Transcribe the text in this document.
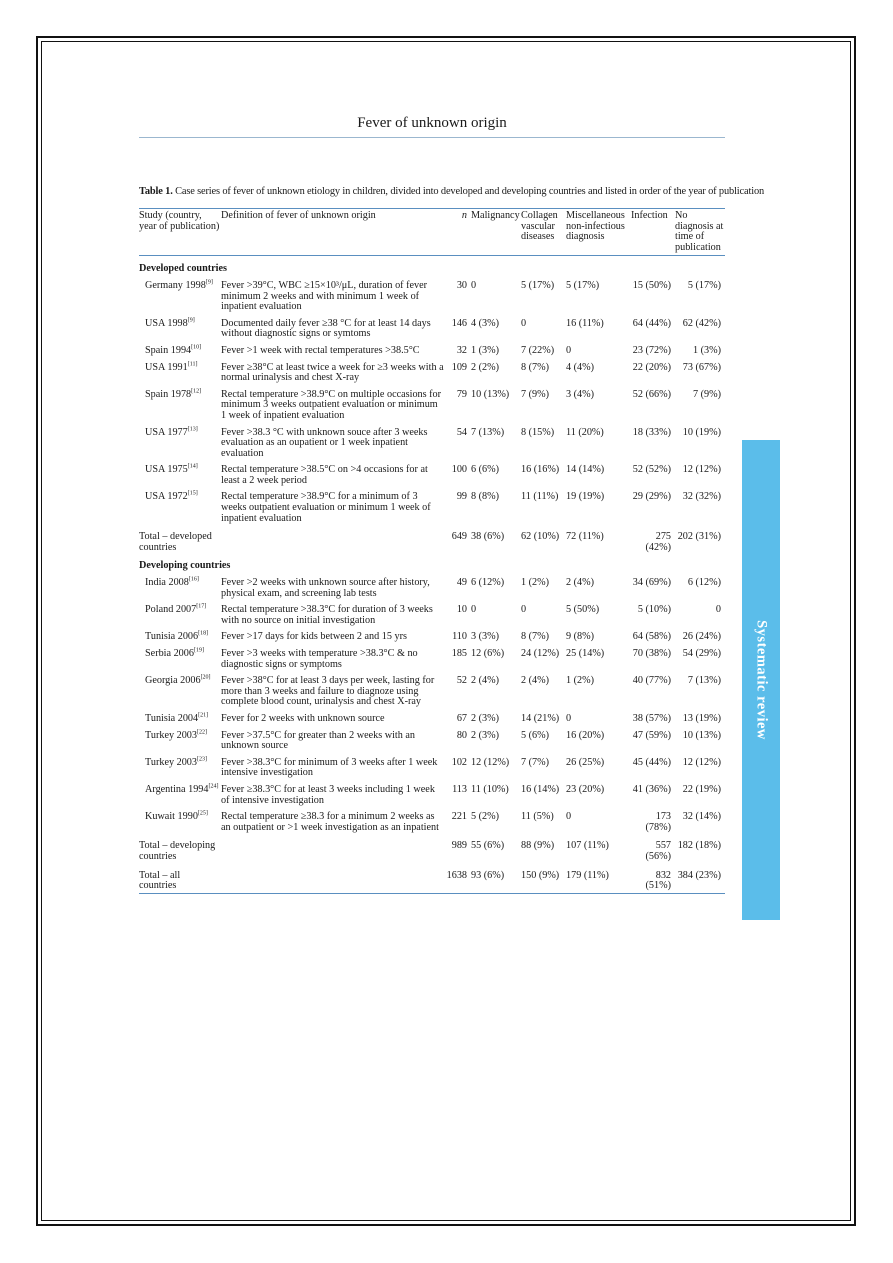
Fever of unknown origin
Table 1. Case series of fever of unknown etiology in children, divided into developed and developing countries and listed in order of the year of publication
Study (country, year of publication)	Definition of fever of unknown origin	n	Malignancy	Collagen vascular diseases	Miscellaneous non-infectious diagnosis	Infection	No diagnosis at time of publication
Developed countries							
Germany 1998[9]	Fever >39°C, WBC ≥15×10³/μL, duration of fever minimum 2 weeks and with minimum 1 week of inpatient evaluation	30	0	5 (17%)	5 (17%)	15 (50%)	5 (17%)
USA 1998[9]	Documented daily fever ≥38 °C for at least 14 days without diagnostic signs or symtoms	146	4 (3%)	0	16 (11%)	64 (44%)	62 (42%)
Spain 1994[10]	Fever >1 week with rectal temperatures >38.5°C	32	1 (3%)	7 (22%)	0	23 (72%)	1 (3%)
USA 1991[11]	Fever ≥38°C at least twice a week for ≥3 weeks with a normal urinalysis and chest X-ray	109	2 (2%)	8 (7%)	4 (4%)	22 (20%)	73 (67%)
Spain 1978[12]	Rectal temperature >38.9°C on multiple occasions for minimum 3 weeks outpatient evaluation or minimum 1 week of inpatient evaluation	79	10 (13%)	7 (9%)	3 (4%)	52 (66%)	7 (9%)
USA 1977[13]	Fever >38.3 °C with unknown souce after 3 weeks evaluation as an oupatient or 1 week inpatient evaluation	54	7 (13%)	8 (15%)	11 (20%)	18 (33%)	10 (19%)
USA 1975[14]	Rectal temperature >38.5°C on >4 occasions for at least a 2 week period	100	6 (6%)	16 (16%)	14 (14%)	52 (52%)	12 (12%)
USA 1972[15]	Rectal temperature >38.9°C for a minimum of 3 weeks outpatient evaluation or minimum 1 week of inpatient evaluation	99	8 (8%)	11 (11%)	19 (19%)	29 (29%)	32 (32%)
Total – developed countries		649	38 (6%)	62 (10%)	72 (11%)	275 (42%)	202 (31%)
Developing countries							
India 2008[16]	Fever >2 weeks with unknown source after history, physical exam, and screening lab tests	49	6 (12%)	1 (2%)	2 (4%)	34 (69%)	6 (12%)
Poland 2007[17]	Rectal temperature >38.3°C for duration of 3 weeks with no source on initial investigation	10	0	0	5 (50%)	5 (10%)	0
Tunisia 2006[18]	Fever >17 days for kids between 2 and 15 yrs	110	3 (3%)	8 (7%)	9 (8%)	64 (58%)	26 (24%)
Serbia 2006[19]	Fever >3 weeks with temperature >38.3°C & no diagnostic signs or symptoms	185	12 (6%)	24 (12%)	25 (14%)	70 (38%)	54 (29%)
Georgia 2006[20]	Fever >38°C for at least 3 days per week, lasting for more than 3 weeks and failure to diagnoze using complete blood count, urinalysis and chest X-ray	52	2 (4%)	2 (4%)	1 (2%)	40 (77%)	7 (13%)
Tunisia 2004[21]	Fever for 2 weeks with unknown source	67	2 (3%)	14 (21%)	0	38 (57%)	13 (19%)
Turkey 2003[22]	Fever >37.5°C for greater than 2 weeks with an unknown source	80	2 (3%)	5 (6%)	16 (20%)	47 (59%)	10 (13%)
Turkey 2003[23]	Fever >38.3°C for minimum of 3 weeks after 1 week intensive investigation	102	12 (12%)	7 (7%)	26 (25%)	45 (44%)	12 (12%)
Argentina 1994[24]	Fever ≥38.3°C for at least 3 weeks including 1 week of intensive investigation	113	11 (10%)	16 (14%)	23 (20%)	41 (36%)	22 (19%)
Kuwait 1990[25]	Rectal temperature ≥38.3 for a minimum 2 weeks as an outpatient or >1 week investigation as an inpatient	221	5 (2%)	11 (5%)	0	173 (78%)	32 (14%)
Total – developing countries		989	55 (6%)	88 (9%)	107 (11%)	557 (56%)	182 (18%)
Total – all countries		1638	93 (6%)	150 (9%)	179 (11%)	832 (51%)	384 (23%)
Systematic review
